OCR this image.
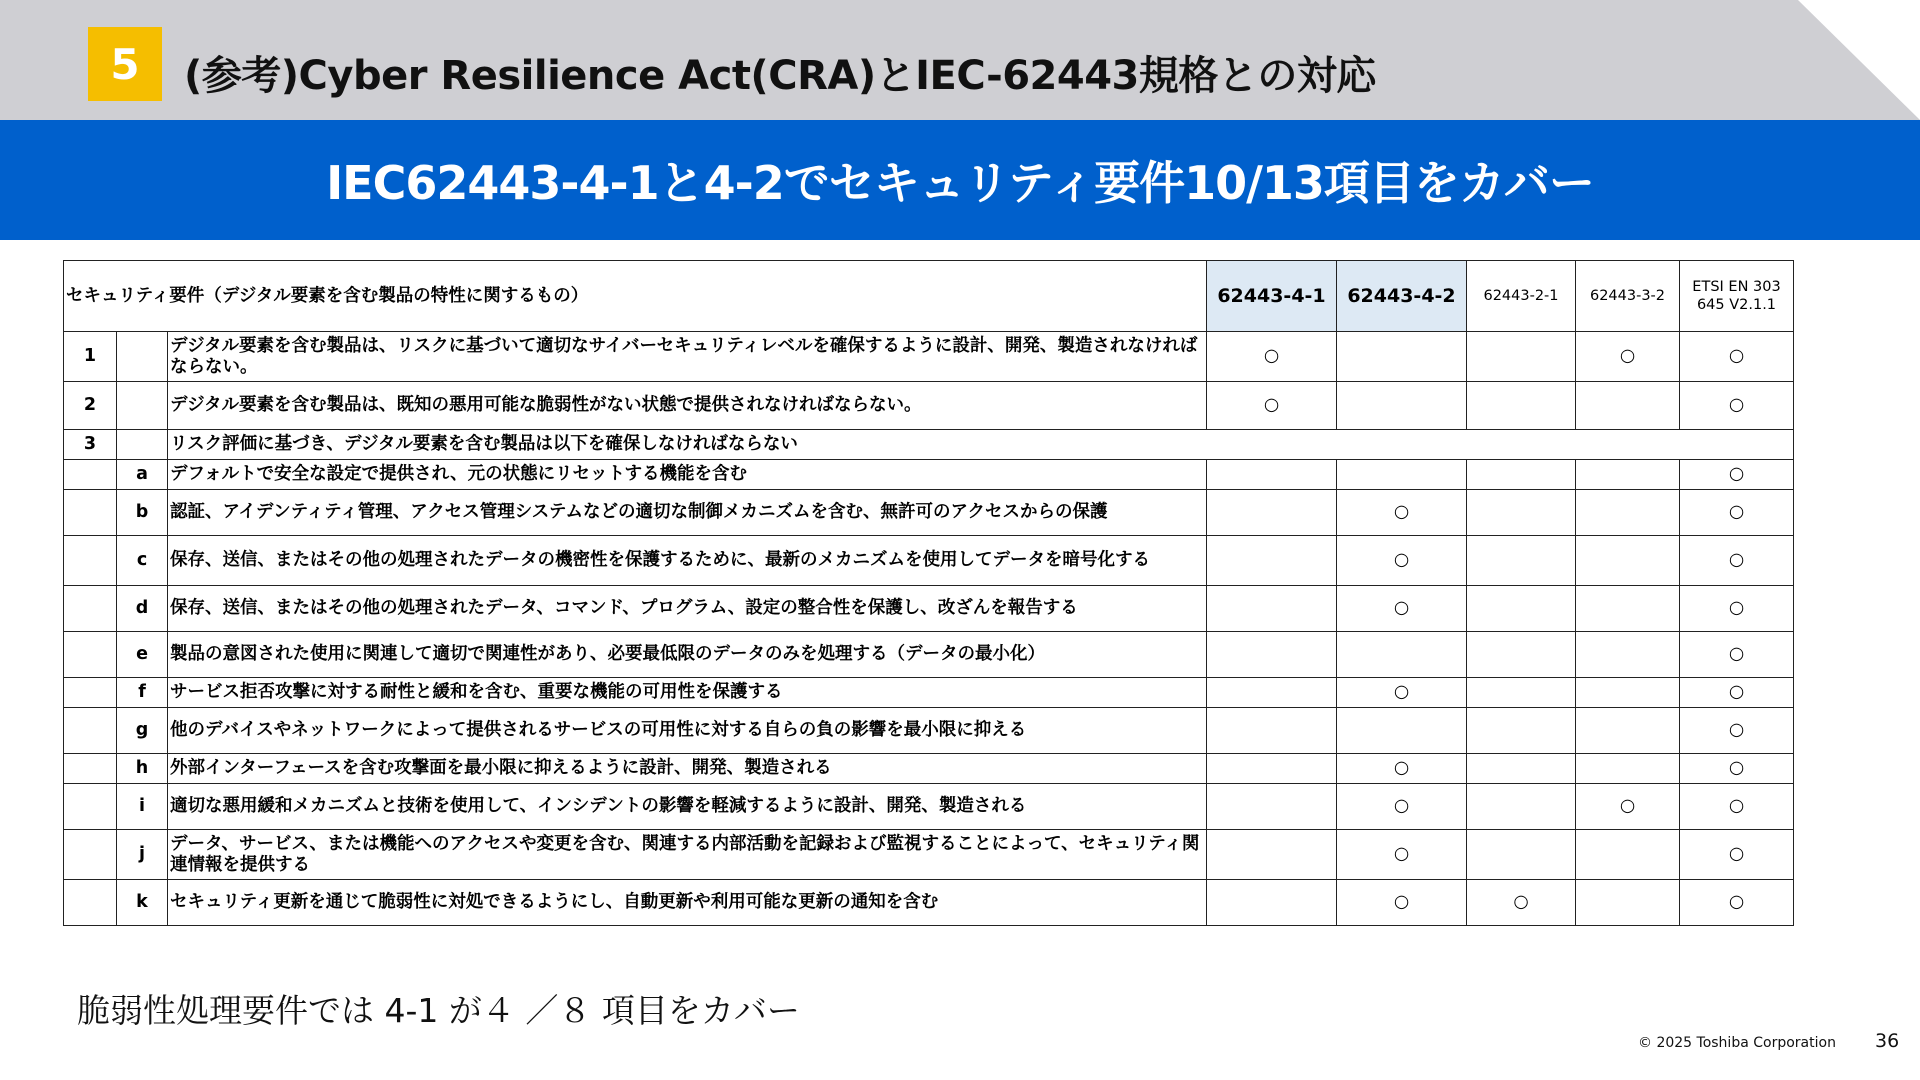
5	(参考)Cyber Resilience Act(CRA)とIEC-62443規格との対応
IEC62443-4-1と4-2でセキュリティ要件10/13項目をカバー
セキュリティ要件（デジタル要素を含む製品の特性に関するもの）			62443-4-1	62443-4-2	62443-2-1	62443-3-2	ETSI EN 303 645 V2.1.1
1		デジタル要素を含む製品は、リスクに基づいて適切なサイバーセキュリティレベルを確保するように設計、開発、製造されなければならない。	○			○	○
2		デジタル要素を含む製品は、既知の悪用可能な脆弱性がない状態で提供されなければならない。	○				○
3		リスク評価に基づき、デジタル要素を含む製品は以下を確保しなければならない					
	a	デフォルトで安全な設定で提供され、元の状態にリセットする機能を含む					○
	b	認証、アイデンティティ管理、アクセス管理システムなどの適切な制御メカニズムを含む、無許可のアクセスからの保護		○			○
	c	保存、送信、またはその他の処理されたデータの機密性を保護するために、最新のメカニズムを使用してデータを暗号化する		○			○
	d	保存、送信、またはその他の処理されたデータ、コマンド、プログラム、設定の整合性を保護し、改ざんを報告する		○			○
	e	製品の意図された使用に関連して適切で関連性があり、必要最低限のデータのみを処理する（データの最小化）					○
	f	サービス拒否攻撃に対する耐性と緩和を含む、重要な機能の可用性を保護する		○			○
	g	他のデバイスやネットワークによって提供されるサービスの可用性に対する自らの負の影響を最小限に抑える					○
	h	外部インターフェースを含む攻撃面を最小限に抑えるように設計、開発、製造される		○			○
	i	適切な悪用緩和メカニズムと技術を使用して、インシデントの影響を軽減するように設計、開発、製造される		○		○	○
	j	データ、サービス、または機能へのアクセスや変更を含む、関連する内部活動を記録および監視することによって、セキュリティ関連情報を提供する		○			○
	k	セキュリティ更新を通じて脆弱性に対処できるようにし、自動更新や利用可能な更新の通知を含む		○	○		○
脆弱性処理要件では 4-1 が４ ／８ 項目をカバー
© 2025 Toshiba Corporation 36
